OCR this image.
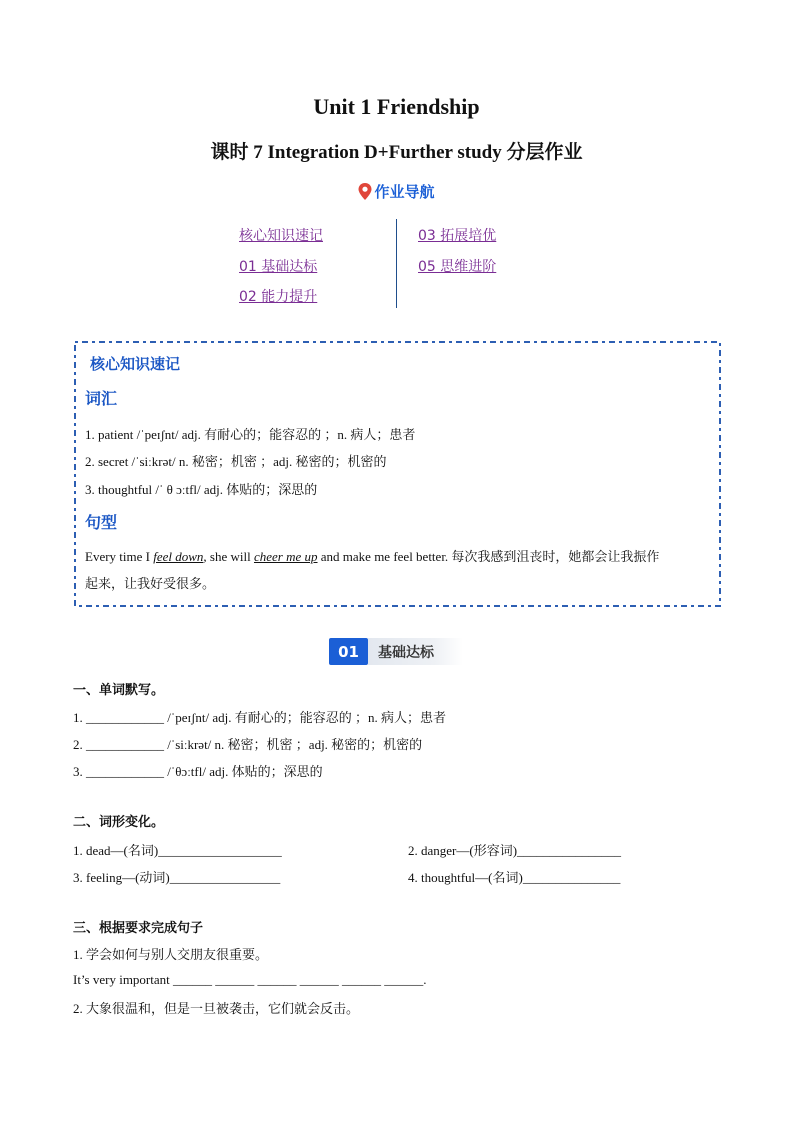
Unit 1 Friendship
课时 7 Integration D+Further study 分层作业
作业导航
核心知识速记
01 基础达标
02 能力提升
03 拓展培优
05 思维进阶
核心知识速记
词汇
1. patient /ˈpeɪʃnt/ adj. 有耐心的；能容忍的 ；n. 病人；患者
2. secret /ˈsiːkrət/ n. 秘密；机密 ；adj. 秘密的；机密的
3. thoughtful /ˈ θ ɔːtfl/ adj. 体贴的；深思的
句型
Every time I feel down, she will cheer me up and make me feel better. 每次我感到沮丧时，她都会让我振作
起来，让我好受很多。
01	基础达标
一、单词默写。
1. ____________ /ˈpeɪʃnt/ adj. 有耐心的；能容忍的 ；n. 病人；患者
2. ____________ /ˈsiːkrət/ n. 秘密；机密 ；adj. 秘密的；机密的
3. ____________ /ˈθɔːtfl/ adj. 体贴的；深思的
二、词形变化。
1. dead—(名词)___________________	2. danger—(形容词)________________
3. feeling—(动词)_________________	4. thoughtful—(名词)_______________
三、根据要求完成句子
1. 学会如何与别人交朋友很重要。
It’s very important ______ ______ ______ ______ ______ ______.
2. 大象很温和，但是一旦被袭击，它们就会反击。
